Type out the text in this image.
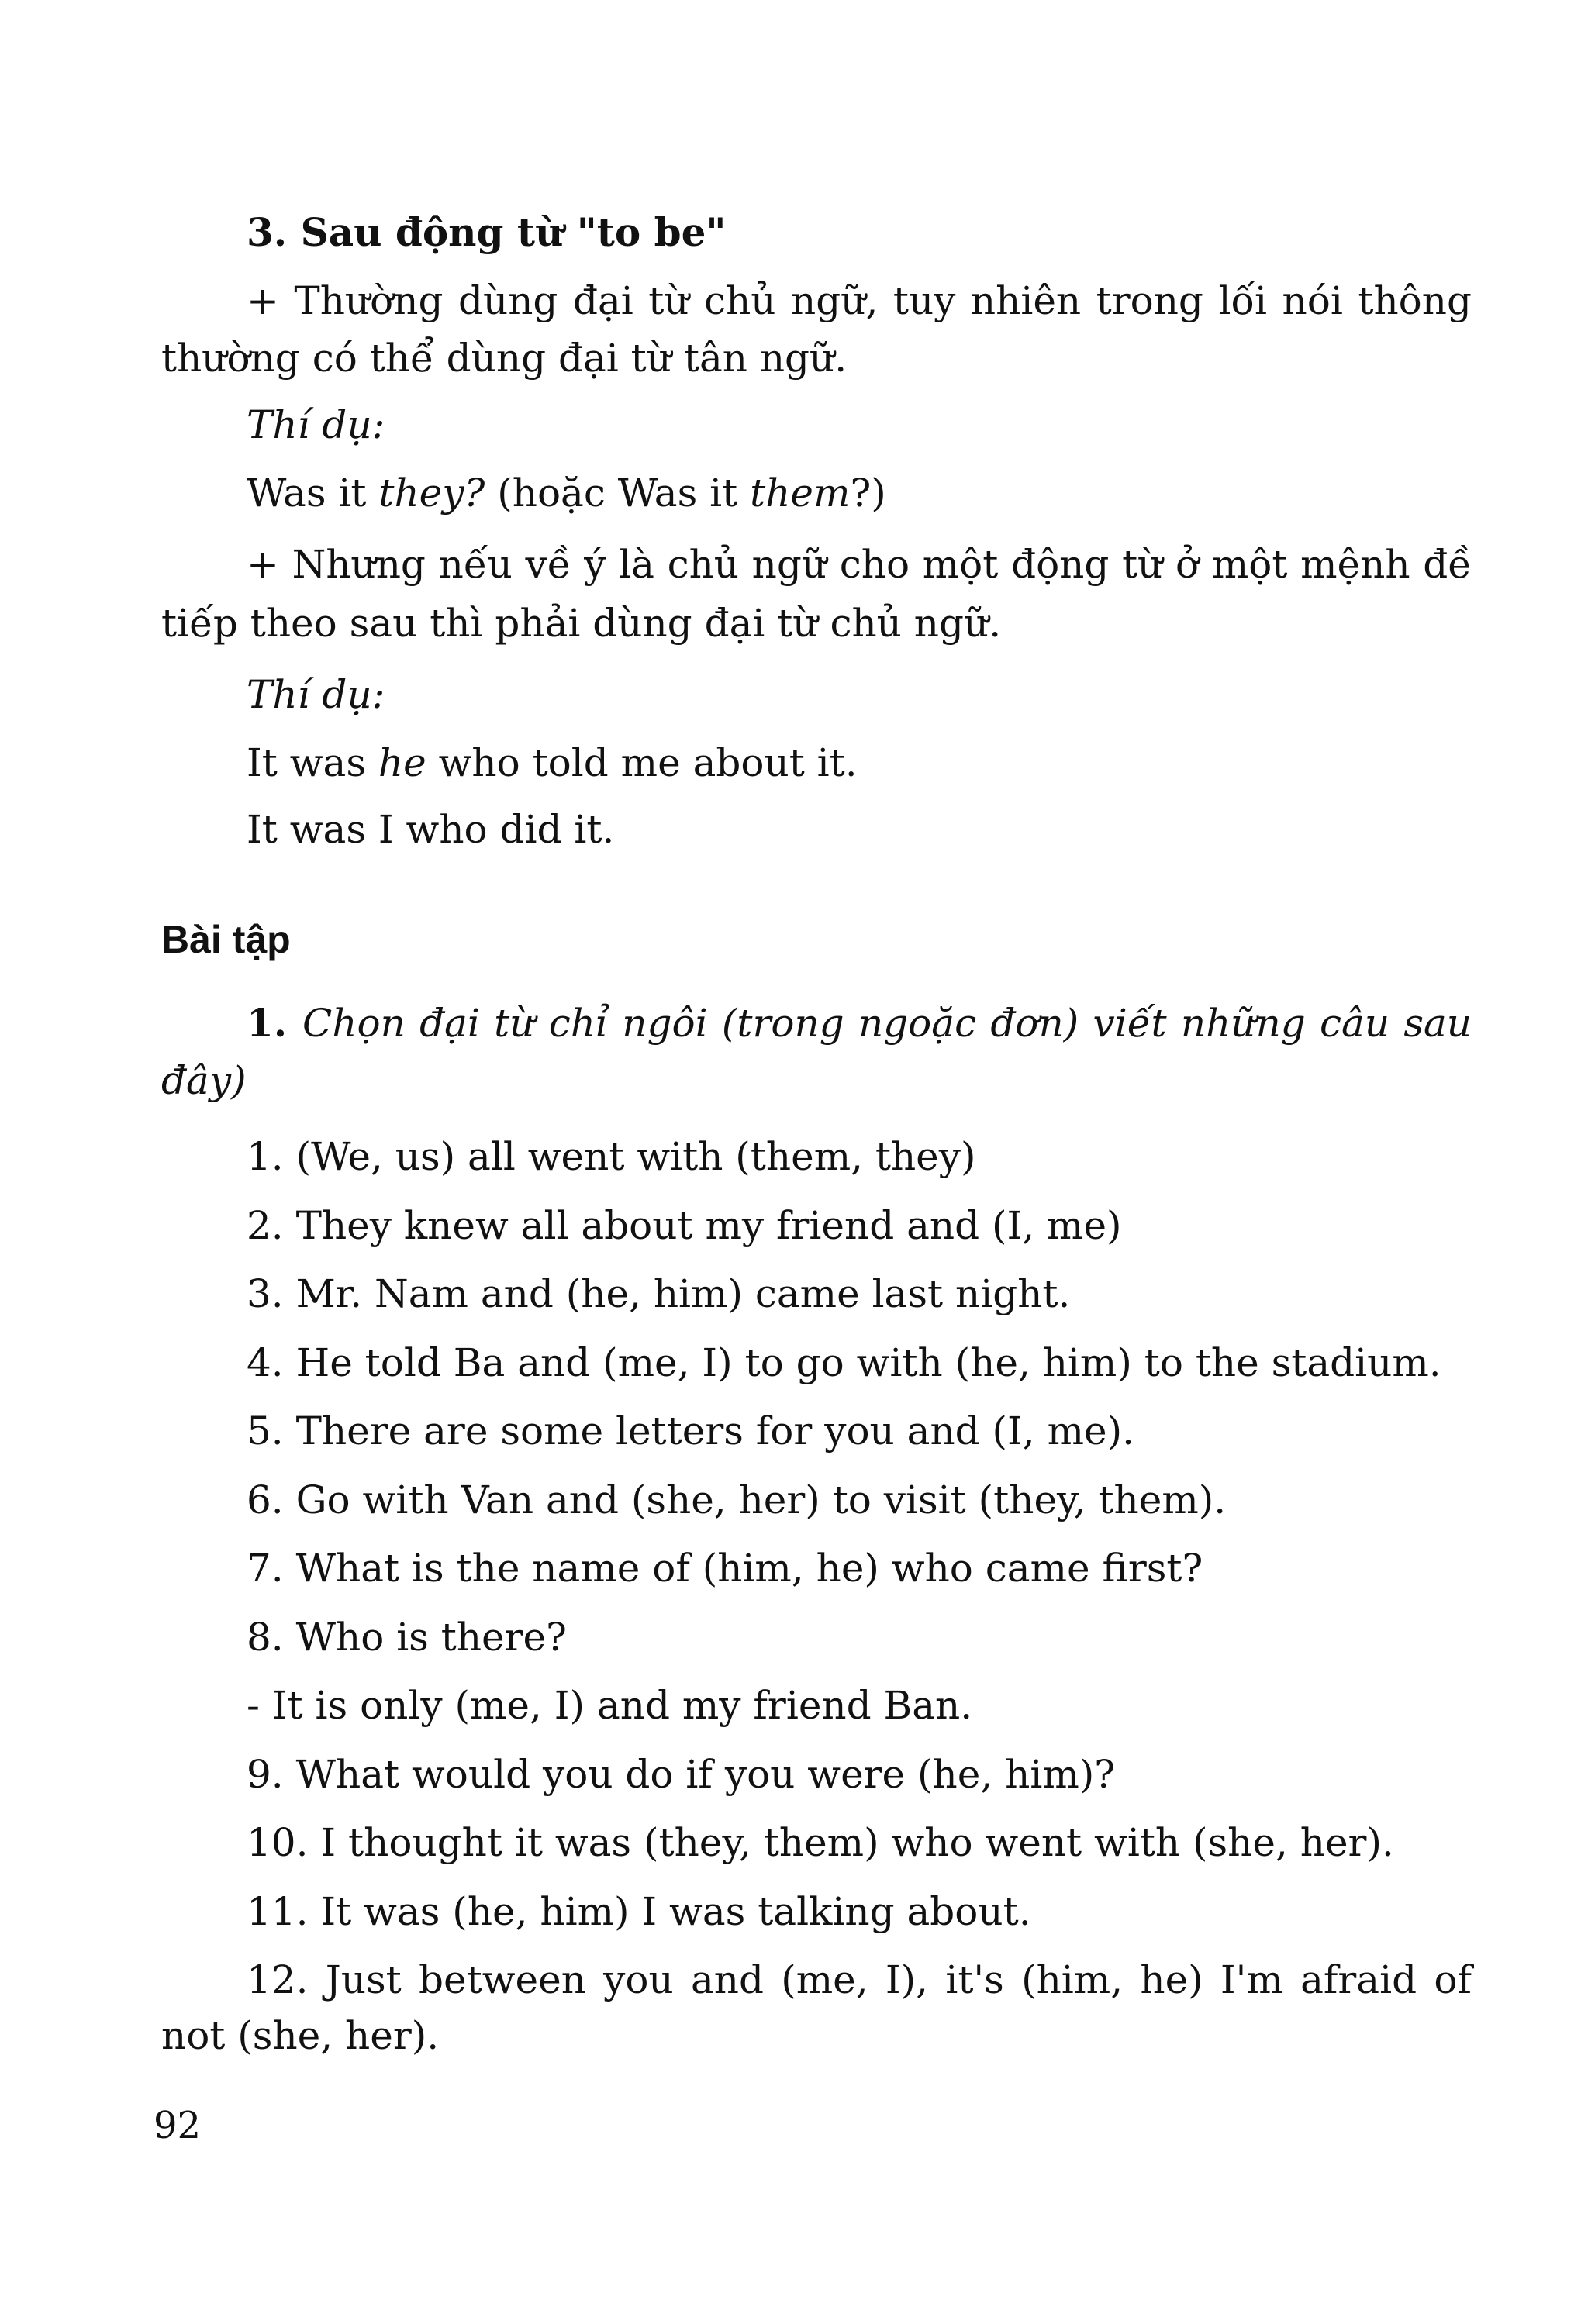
3. Sau động từ "to be"
+ Thường dùng đại từ chủ ngữ, tuy nhiên trong lối nói thông
thường có thể dùng đại từ tân ngữ.
Thí dụ:
Was it they? (hoặc Was it them?)
+ Nhưng nếu về ý là chủ ngữ cho một động từ ở một mệnh đề
tiếp theo sau thì phải dùng đại từ chủ ngữ.
Thí dụ:
It was he who told me about it.
It was I who did it.
Bài tập
1. Chọn đại từ chỉ ngôi (trong ngoặc đơn) viết những câu sau
đây)
1. (We, us) all went with (them, they)
2. They knew all about my friend and (I, me)
3. Mr. Nam and (he, him) came last night.
4. He told Ba and (me, I) to go with (he, him) to the stadium.
5. There are some letters for you and (I, me).
6. Go with Van and (she, her) to visit (they, them).
7. What is the name of (him, he) who came first?
8. Who is there?
- It is only (me, I) and my friend Ban.
9. What would you do if you were (he, him)?
10. I thought it was (they, them) who went with (she, her).
11. It was (he, him) I was talking about.
12. Just between you and (me, I), it's (him, he) I'm afraid of
not (she, her).
92
